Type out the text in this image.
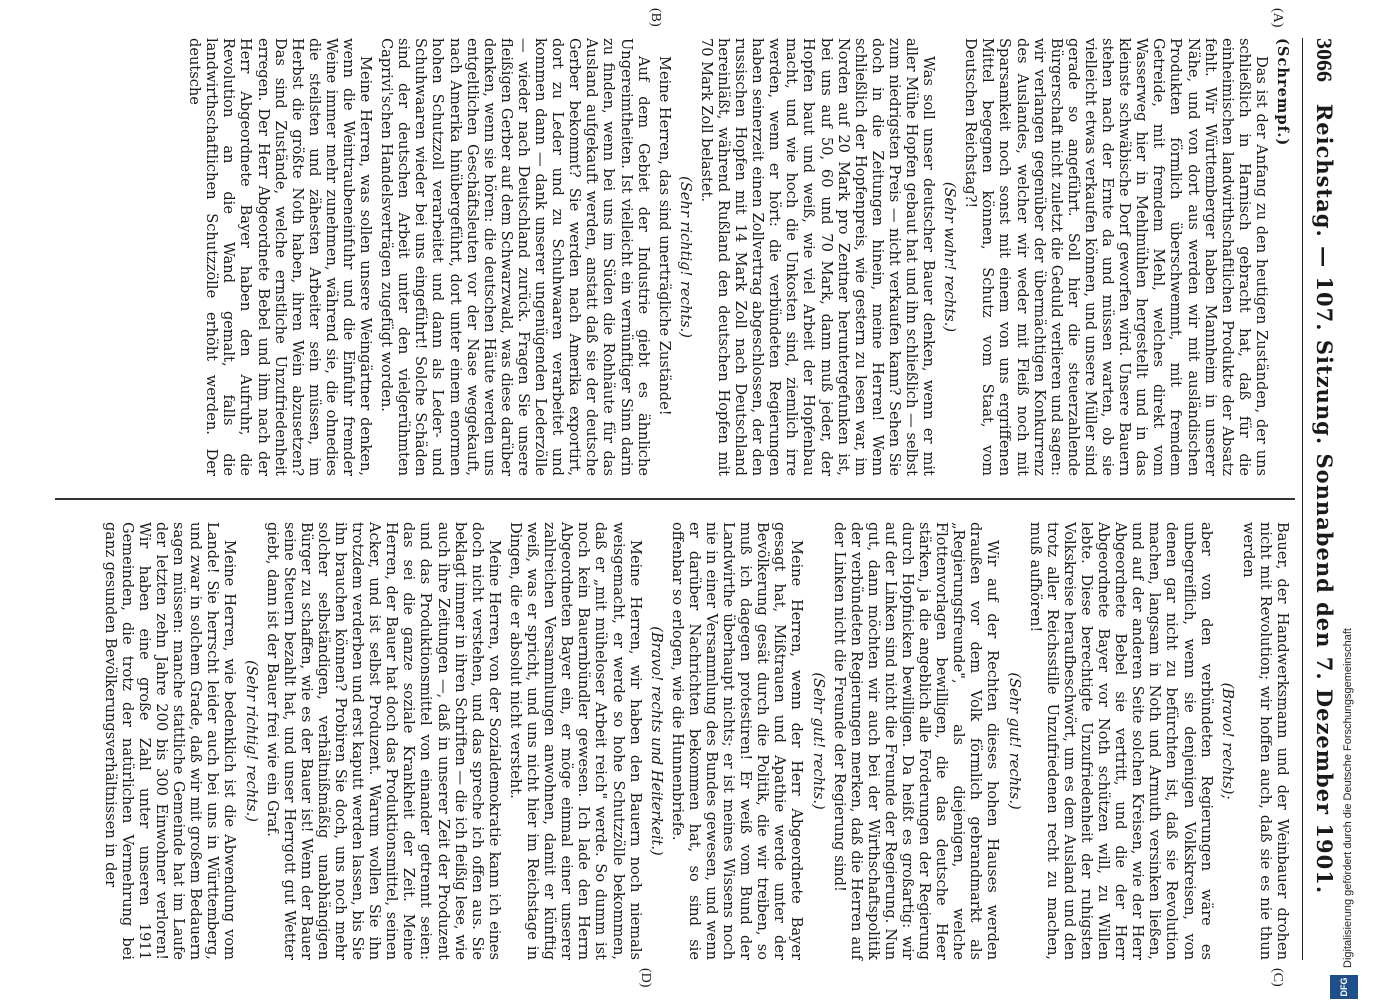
3066
Reichstag. — 107. Sitzung. Sonnabend den 7. Dezember 1901.
(A)
(B)
(C)
(D)

(Schrempf.)

Das ist der Anfang zu den heutigen Zuständen, der uns schließlich in Harnisch gebracht hat, daß für die einheimischen landwirthschaftlichen Produkte der Absatz fehlt. Wir Württemberger haben Mannheim in unserer Nähe, und von dort aus werden wir mit ausländischen Produkten förmlich überschwemmt, mit fremdem Getreide, mit fremdem Mehl, welches direkt vom Wasserweg hier in Mehlmühlen hergestellt und in das kleinste schwäbische Dorf geworfen wird. Unsere Bauern stehen nach der Ernte da und müssen warten, ob sie vielleicht etwas verkaufen können, und unsere Müller sind gerade so angeführt. Soll hier die steuerzahlende Bürgerschaft nicht zuletzt die Geduld verlieren und sagen: wir verlangen gegenüber der übermächtigen Konkurrenz des Auslandes, welcher wir weder mit Fleiß noch mit Sparsamkeit noch sonst mit einem von uns ergriffenen Mittel begegnen können, Schutz vom Staat, vom Deutschen Reichstag?!

(Sehr wahr! rechts.)

Was soll unser deutscher Bauer denken, wenn er mit aller Mühe Hopfen gebaut hat und ihn schließlich — selbst zum niedrigsten Preis — nicht verkaufen kann? Sehen Sie doch in die Zeitungen hinein, meine Herren! Wenn schließlich der Hopfenpreis, wie gestern zu lesen war, im Norden auf 20 Mark pro Zentner heruntergefunken ist, bei uns auf 50, 60 und 70 Mark, dann muß jeder, der Hopfen baut und weiß, wie viel Arbeit der Hopfenbau macht, und wie hoch die Unkosten sind, ziemlich irre werden, wenn er hört: die verbündeten Regierungen haben seinerzeit einen Zollvertrag abgeschlossen, der den russischen Hopfen mit 14 Mark Zoll nach Deutschland hereinläßt, während Rußland den deutschen Hopfen mit 70 Mark Zoll belastet.

(Sehr richtig! rechts.)

Meine Herren, das sind unerträgliche Zustände!

Auf dem Gebiet der Industrie giebt es ähnliche Ungereimtheiten. Ist vielleicht ein vernünftiger Sinn darin zu finden, wenn bei uns im Süden die Rohhäute für das Ausland aufgekauft werden, anstatt daß sie der deutsche Gerber bekommt? Sie werden nach Amerika exportirt, dort zu Leder und zu Schuhwaaren verarbeitet und kommen dann — dank unserer ungenügenden Lederzölle — wieder nach Deutschland zurück. Fragen Sie unsere fleißigen Gerber auf dem Schwarzwald, was diese darüber denken, wenn sie hören: die deutschen Häute werden uns entgeltlichen Geschäftsleuten vor der Nase weggekauft, nach Amerika hinübergeführt, dort unter einem enormen hohen Schutzzoll verarbeitet und dann als Leder- und Schuhwaaren wieder bei uns eingeführt! Solche Schäden sind der deutschen Arbeit unter den vielgerühmten Caprivi'schen Handelsverträgen zugefügt worden.

Meine Herren, was sollen unsere Weingärtner denken, wenn die Weintraubeneinfuhr und die Einfuhr fremder Weine immer mehr zunehmen, während sie, die ohnedies die steilsten und zähesten Arbeiter sein müssen, im Herbst die größte Noth haben, ihren Wein abzusetzen? Das sind Zustände, welche ernstliche Unzufriedenheit erregen. Der Herr Abgeordnete Bebel und ihm nach der Herr Abgeordnete Bayer haben den Aufruhr, die Revolution an die Wand gemalt, falls die landwirthschaftlichen Schutzzölle erhöht werden. Der deutsche

Bauer, der Handwerksmann und der Weinbauer drohen nicht mit Revolution; wir hoffen auch, daß sie es nie thun werden

(Bravo! rechts);

aber von den verbündeten Regierungen wäre es unbegreiflich, wenn sie denjenigen Volkskreisen, von denen gar nicht zu befürchten ist, daß sie Revolution machen, langsam in Noth und Armuth versinken ließen, und auf der anderen Seite solchen Kreisen, wie der Herr Abgeordnete Bebel sie vertritt, und die der Herr Abgeordnete Bayer vor Noth schützen will, zu Willen lebte. Diese berechtigte Unzufriedenheit der ruhigsten Volkskreise heraufbeschwört, um es dem Ausland und den trotz aller Reichsstille Unzufriedenen recht zu machen, muß aufhören!

(Sehr gut! rechts.)

Wir auf der Rechten dieses hohen Hauses werden draußen vor dem Volk förmlich gebrandmarkt als „Regierungsfreunde", als diejenigen, welche Flottenvorlagen bewilligen, die das deutsche Heer stärken, ja die angeblich alle Forderungen der Regierung durch Hopfnicken bewilligen. Da heißt es großartig: wir auf der Linken sind nicht die Freunde der Regierung. Nun gut, dann möchten wir auch bei der Wirthschaftspolitik der verbündeten Regierungen merken, daß die Herren auf der Linken nicht die Freunde der Regierung sind!

(Sehr gut! rechts.)

Meine Herren, wenn der Herr Abgeordnete Bayer gesagt hat, Mißtrauen und Apathie werde unter der Bevölkerung gesät durch die Politik, die wir treiben, so muß ich dagegen protestiren! Er weiß vom Bund der Landwirthe überhaupt nichts; er ist meines Wissens noch nie in einer Versammlung des Bundes gewesen, und wenn er darüber Nachrichten bekommen hat, so sind sie offenbar so erlogen, wie die Hunnenbriefe.

(Bravo! rechts und Heiterkeit.)

Meine Herren, wir haben den Bauern noch niemals weisgemacht, er werde so hohe Schutzzölle bekommen, daß er „mit müheloser Arbeit reich" werde. So dumm ist noch kein Bauernbündler gewesen. Ich lade den Herrn Abgeordneten Bayer ein, er möge einmal einer unserer zahlreichen Versammlungen anwohnen, damit er künftig weiß, was er spricht, und uns nicht hier im Reichstage in Dingen, die er absolut nicht versteht.

Meine Herren, von der Sozialdemokratie kann ich eines doch nicht verstehen, und das spreche ich offen aus. Sie beklagt immer in ihren Schriften — die ich fleißig lese, wie auch ihre Zeitungen —, daß in unserer Zeit der Produzent und das Produktionsmittel von einander getrennt seien: das sei die ganze soziale Krankheit der Zeit. Meine Herren, der Bauer hat doch das Produktionsmittel, seinen Acker, und ist selbst Produzent. Warum wollen Sie ihn trotzdem verderben und erst kaputt werden lassen, bis Sie ihn brauchen können? Probiren Sie doch, uns noch mehr solcher selbständigen, verhältnißmäßig unabhängigen Bürger zu schaffen, wie es der Bauer ist! Wenn der Bauer seine Steuern bezahlt hat, und unser Herrgott gut Wetter giebt, dann ist der Bauer frei wie ein Graf.

(Sehr richtig! rechts.)

Meine Herren, wie bedenklich ist die Abwendung vom Lande! Sie herrscht leider auch bei uns in Württemberg, und zwar in solchem Grade, daß wir mit großem Bedauern sagen müssen: manche stattliche Gemeinde hat im Laufe der letzten zehn Jahre 200 bis 300 Einwohner verloren! Wir haben eine große Zahl unter unseren 1911 Gemeinden, die trotz der natürlichen Vermehrung bei ganz gesunden Bevölkerungsverhältnissen in der	Digitalisierung gefördert durch die Deutsche Forschungsgemeinschaft
DFG
